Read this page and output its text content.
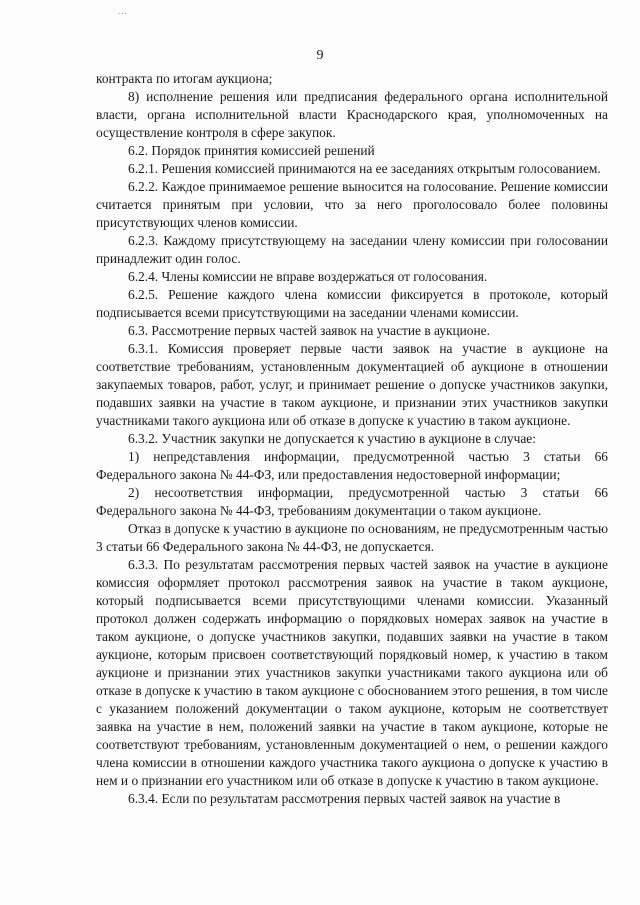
...
9

контракта по итогам аукциона;

8) исполнение решения или предписания федерального органа исполнительной власти, органа исполнительной власти Краснодарского края, уполномоченных на осуществление контроля в сфере закупок.

6.2. Порядок принятия комиссией решений

6.2.1. Решения комиссией принимаются на ее заседаниях открытым голосованием.

6.2.2. Каждое принимаемое решение выносится на голосование. Решение комиссии считается принятым при условии, что за него проголосовало более половины присутствующих членов комиссии.

6.2.3. Каждому присутствующему на заседании члену комиссии при голосовании принадлежит один голос.

6.2.4. Члены комиссии не вправе воздержаться от голосования.

6.2.5. Решение каждого члена комиссии фиксируется в протоколе, который подписывается всеми присутствующими на заседании членами комиссии.

6.3. Рассмотрение первых частей заявок на участие в аукционе.

6.3.1. Комиссия проверяет первые части заявок на участие в аукционе на соответствие требованиям, установленным документацией об аукционе в отношении закупаемых товаров, работ, услуг, и принимает решение о допуске участников закупки, подавших заявки на участие в таком аукционе, и признании этих участников закупки участниками такого аукциона или об отказе в допуске к участию в таком аукционе.

6.3.2. Участник закупки не допускается к участию в аукционе в случае:

1) непредставления информации, предусмотренной частью 3 статьи 66 Федерального закона № 44-ФЗ, или предоставления недостоверной информации;

2) несоответствия информации, предусмотренной частью 3 статьи 66 Федерального закона № 44-ФЗ, требованиям документации о таком аукционе.

Отказ в допуске к участию в аукционе по основаниям, не предусмотренным частью 3 статьи 66 Федерального закона № 44-ФЗ, не допускается.

6.3.3. По результатам рассмотрения первых частей заявок на участие в аукционе комиссия оформляет протокол рассмотрения заявок на участие в таком аукционе, который подписывается всеми присутствующими членами комиссии. Указанный протокол должен содержать информацию о порядковых номерах заявок на участие в таком аукционе, о допуске участников закупки, подавших заявки на участие в таком аукционе, которым присвоен соответствующий порядковый номер, к участию в таком аукционе и признании этих участников закупки участниками такого аукциона или об отказе в допуске к участию в таком аукционе с обоснованием этого решения, в том числе с указанием положений документации о таком аукционе, которым не соответствует заявка на участие в нем, положений заявки на участие в таком аукционе, которые не соответствуют требованиям, установленным документацией о нем, о решении каждого члена комиссии в отношении каждого участника такого аукциона о допуске к участию в нем и о признании его участником или об отказе в допуске к участию в таком аукционе.

6.3.4. Если по результатам рассмотрения первых частей заявок на участие в
